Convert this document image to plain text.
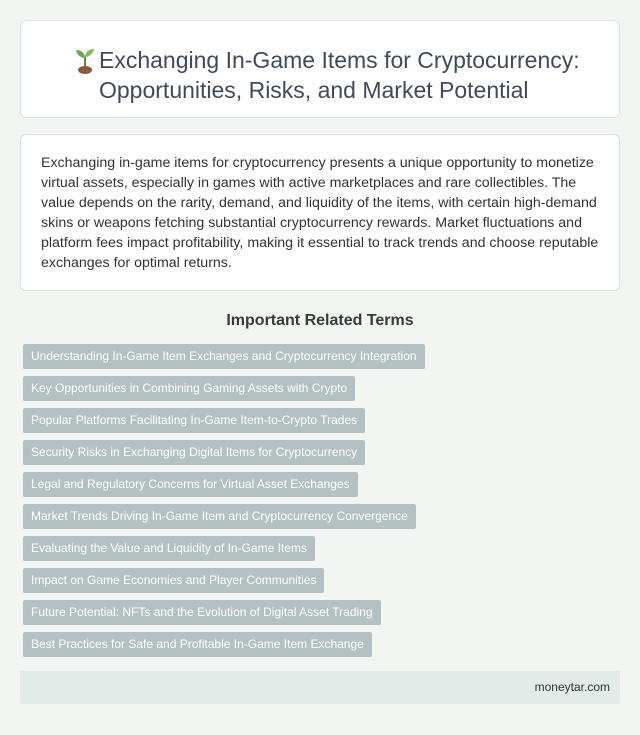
Exchanging In-Game Items for Cryptocurrency: Opportunities, Risks, and Market Potential

Exchanging in-game items for cryptocurrency presents a unique opportunity to monetize virtual assets, especially in games with active marketplaces and rare collectibles. The value depends on the rarity, demand, and liquidity of the items, with certain high-demand skins or weapons fetching substantial cryptocurrency rewards. Market fluctuations and platform fees impact profitability, making it essential to track trends and choose reputable exchanges for optimal returns.

Important Related Terms
Understanding In-Game Item Exchanges and Cryptocurrency Integration
Key Opportunities in Combining Gaming Assets with Crypto
Popular Platforms Facilitating In-Game Item-to-Crypto Trades
Security Risks in Exchanging Digital Items for Cryptocurrency
Legal and Regulatory Concerns for Virtual Asset Exchanges
Market Trends Driving In-Game Item and Cryptocurrency Convergence
Evaluating the Value and Liquidity of In-Game Items
Impact on Game Economies and Player Communities
Future Potential: NFTs and the Evolution of Digital Asset Trading
Best Practices for Safe and Profitable In-Game Item Exchange
moneytar.com
